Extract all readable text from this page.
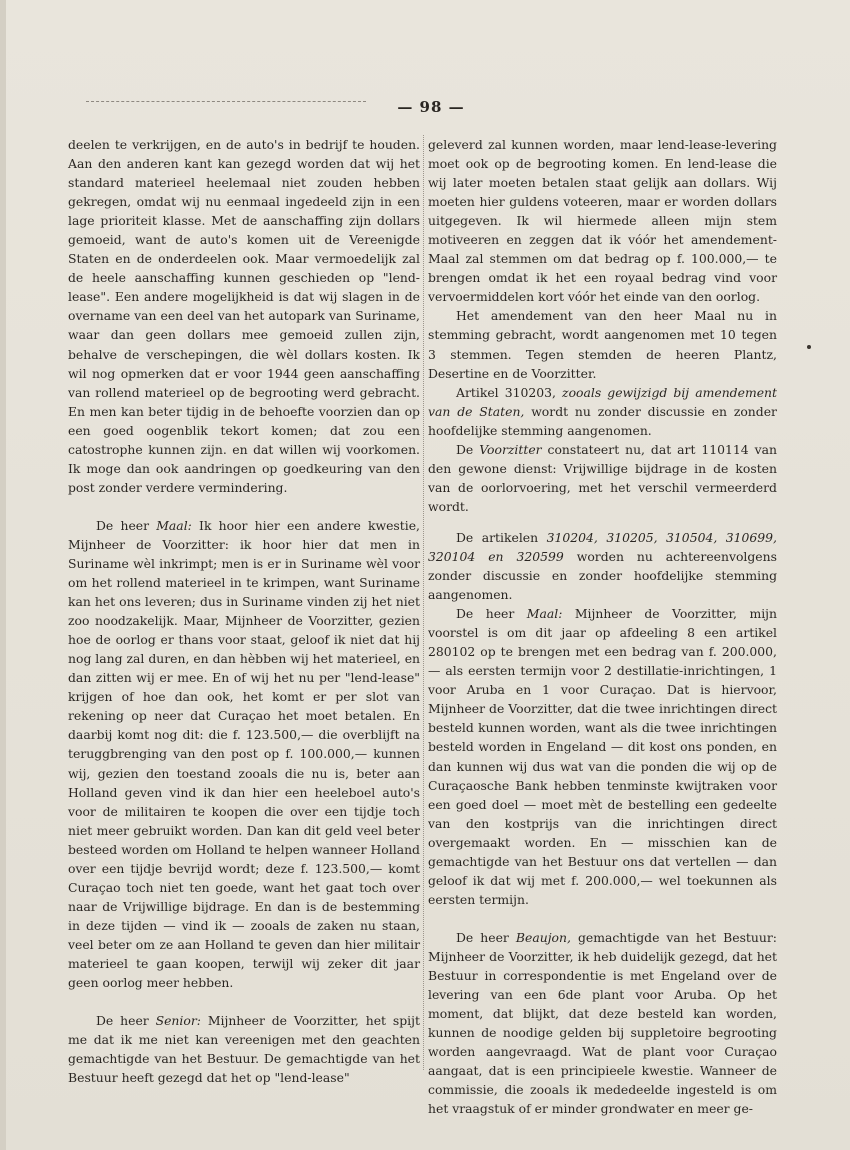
— 98 —

deelen te verkrijgen, en de auto's in bedrijf te houden. Aan den anderen kant kan gezegd worden dat wij het standard materieel heelemaal niet zouden hebben gekregen, omdat wij nu eenmaal ingedeeld zijn in een lage prioriteit klasse. Met de aanschaffing zijn dollars gemoeid, want de auto's komen uit de Vereenigde Staten en de onderdeelen ook. Maar vermoedelijk zal de heele aanschaffing kunnen geschieden op "lend-lease". Een andere mogelijkheid is dat wij slagen in de overname van een deel van het autopark van Suriname, waar dan geen dollars mee gemoeid zullen zijn, behalve de verschepingen, die wèl dollars kosten. Ik wil nog opmerken dat er voor 1944 geen aanschaffing van rollend materieel op de begrooting werd gebracht. En men kan beter tijdig in de behoefte voorzien dan op een goed oogenblik tekort komen; dat zou een catostrophe kunnen zijn. en dat willen wij voorkomen. Ik moge dan ook aandringen op goedkeuring van den post zonder verdere vermindering.

De heer Maal: Ik hoor hier een andere kwestie, Mijnheer de Voorzitter: ik hoor hier dat men in Suriname wèl inkrimpt; men is er in Suriname wèl voor om het rollend materieel in te krimpen, want Suriname kan het ons leveren; dus in Suriname vinden zij het niet zoo noodzakelijk. Maar, Mijnheer de Voorzitter, gezien hoe de oorlog er thans voor staat, geloof ik niet dat hij nog lang zal duren, en dan hèbben wij het materieel, en dan zitten wij er mee. En of wij het nu per "lend-lease" krijgen of hoe dan ook, het komt er per slot van rekening op neer dat Curaçao het moet betalen. En daarbij komt nog dit: die f. 123.500,— die overblijft na teruggbrenging van den post op f. 100.000,— kunnen wij, gezien den toestand zooals die nu is, beter aan Holland geven vind ik dan hier een heeleboel auto's voor de militairen te koopen die over een tijdje toch niet meer gebruikt worden. Dan kan dit geld veel beter besteed worden om Holland te helpen wanneer Holland over een tijdje bevrijd wordt; deze f. 123.500,— komt Curaçao toch niet ten goede, want het gaat toch over naar de Vrijwillige bijdrage. En dan is de bestemming in deze tijden — vind ik — zooals de zaken nu staan, veel beter om ze aan Holland te geven dan hier militair materieel te gaan koopen, terwijl wij zeker dit jaar geen oorlog meer hebben.

De heer Senior: Mijnheer de Voorzitter, het spijt me dat ik me niet kan vereenigen met den geachten gemachtigde van het Bestuur. De gemachtigde van het Bestuur heeft gezegd dat het op "lend-lease"

geleverd zal kunnen worden, maar lend-lease-levering moet ook op de begrooting komen. En lend-lease die wij later moeten betalen staat gelijk aan dollars. Wij moeten hier guldens voteeren, maar er worden dollars uitgegeven. Ik wil hiermede alleen mijn stem motiveeren en zeggen dat ik vóór het amendement-Maal zal stemmen om dat bedrag op f. 100.000,— te brengen omdat ik het een royaal bedrag vind voor vervoermiddelen kort vóór het einde van den oorlog.

Het amendement van den heer Maal nu in stemming gebracht, wordt aangenomen met 10 tegen 3 stemmen. Tegen stemden de heeren Plantz, Desertine en de Voorzitter.

Artikel 310203, zooals gewijzigd bij amendement van de Staten, wordt nu zonder discussie en zonder hoofdelijke stemming aangenomen.

De Voorzitter constateert nu, dat art 110114 van den gewone dienst: Vrijwillige bijdrage in de kosten van de oorlorvoering, met het verschil vermeerderd wordt.

De artikelen 310204, 310205, 310504, 310699, 320104 en 320599 worden nu achtereenvolgens zonder discussie en zonder hoofdelijke stemming aangenomen.

De heer Maal: Mijnheer de Voorzitter, mijn voorstel is om dit jaar op afdeeling 8 een artikel 280102 op te brengen met een bedrag van f. 200.000,— als eersten termijn voor 2 destillatie-inrichtingen, 1 voor Aruba en 1 voor Curaçao. Dat is hiervoor, Mijnheer de Voorzitter, dat die twee inrichtingen direct besteld kunnen worden, want als die twee inrichtingen besteld worden in Engeland — dit kost ons ponden, en dan kunnen wij dus wat van die ponden die wij op de Curaçaosche Bank hebben tenminste kwijtraken voor een goed doel — moet mèt de bestelling een gedeelte van den kostprijs van die inrichtingen direct overgemaakt worden. En — misschien kan de gemachtigde van het Bestuur ons dat vertellen — dan geloof ik dat wij met f. 200.000,— wel toekunnen als eersten termijn.

De heer Beaujon, gemachtigde van het Bestuur: Mijnheer de Voorzitter, ik heb duidelijk gezegd, dat het Bestuur in correspondentie is met Engeland over de levering van een 6de plant voor Aruba. Op het moment, dat blijkt, dat deze besteld kan worden, kunnen de noodige gelden bij suppletoire begrooting worden aangevraagd. Wat de plant voor Curaçao aangaat, dat is een principieele kwestie. Wanneer de commissie, die zooals ik mededeelde ingesteld is om het vraagstuk of er minder grondwater en meer ge-
